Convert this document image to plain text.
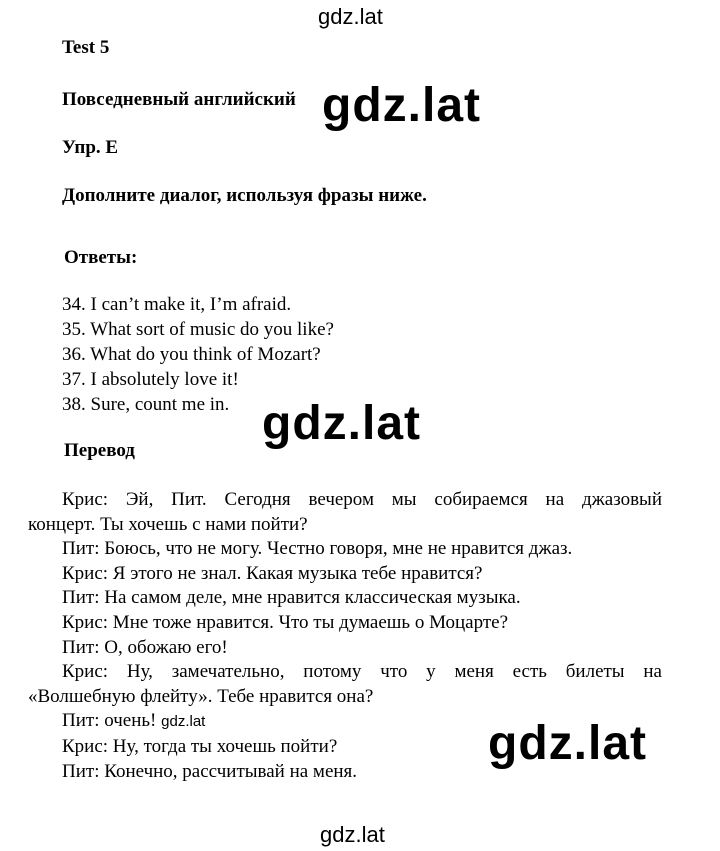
gdz.lat
gdz.lat
gdz.lat
gdz.lat
gdz.lat
Test 5
Повседневный английский
Упр. E
Дополните диалог, используя фразы ниже.
Ответы:
34. I can’t make it, I’m afraid.
35. What sort of music do you like?
36. What do you think of Mozart?
37. I absolutely love it!
38. Sure, count me in.
Перевод

Крис: Эй, Пит. Сегодня вечером мы собираемся на джазовый

концерт. Ты хочешь с нами пойти?

Пит: Боюсь, что не могу. Честно говоря, мне не нравится джаз.

Крис: Я этого не знал. Какая музыка тебе нравится?

Пит: На самом деле, мне нравится классическая музыка.

Крис: Мне тоже нравится. Что ты думаешь о Моцарте?

Пит: О, обожаю его!

Крис: Ну, замечательно, потому что у меня есть билеты на

«Волшебную флейту». Тебе нравится она?

Пит: очень! gdz.lat

Крис: Ну, тогда ты хочешь пойти?

Пит: Конечно, рассчитывай на меня.
